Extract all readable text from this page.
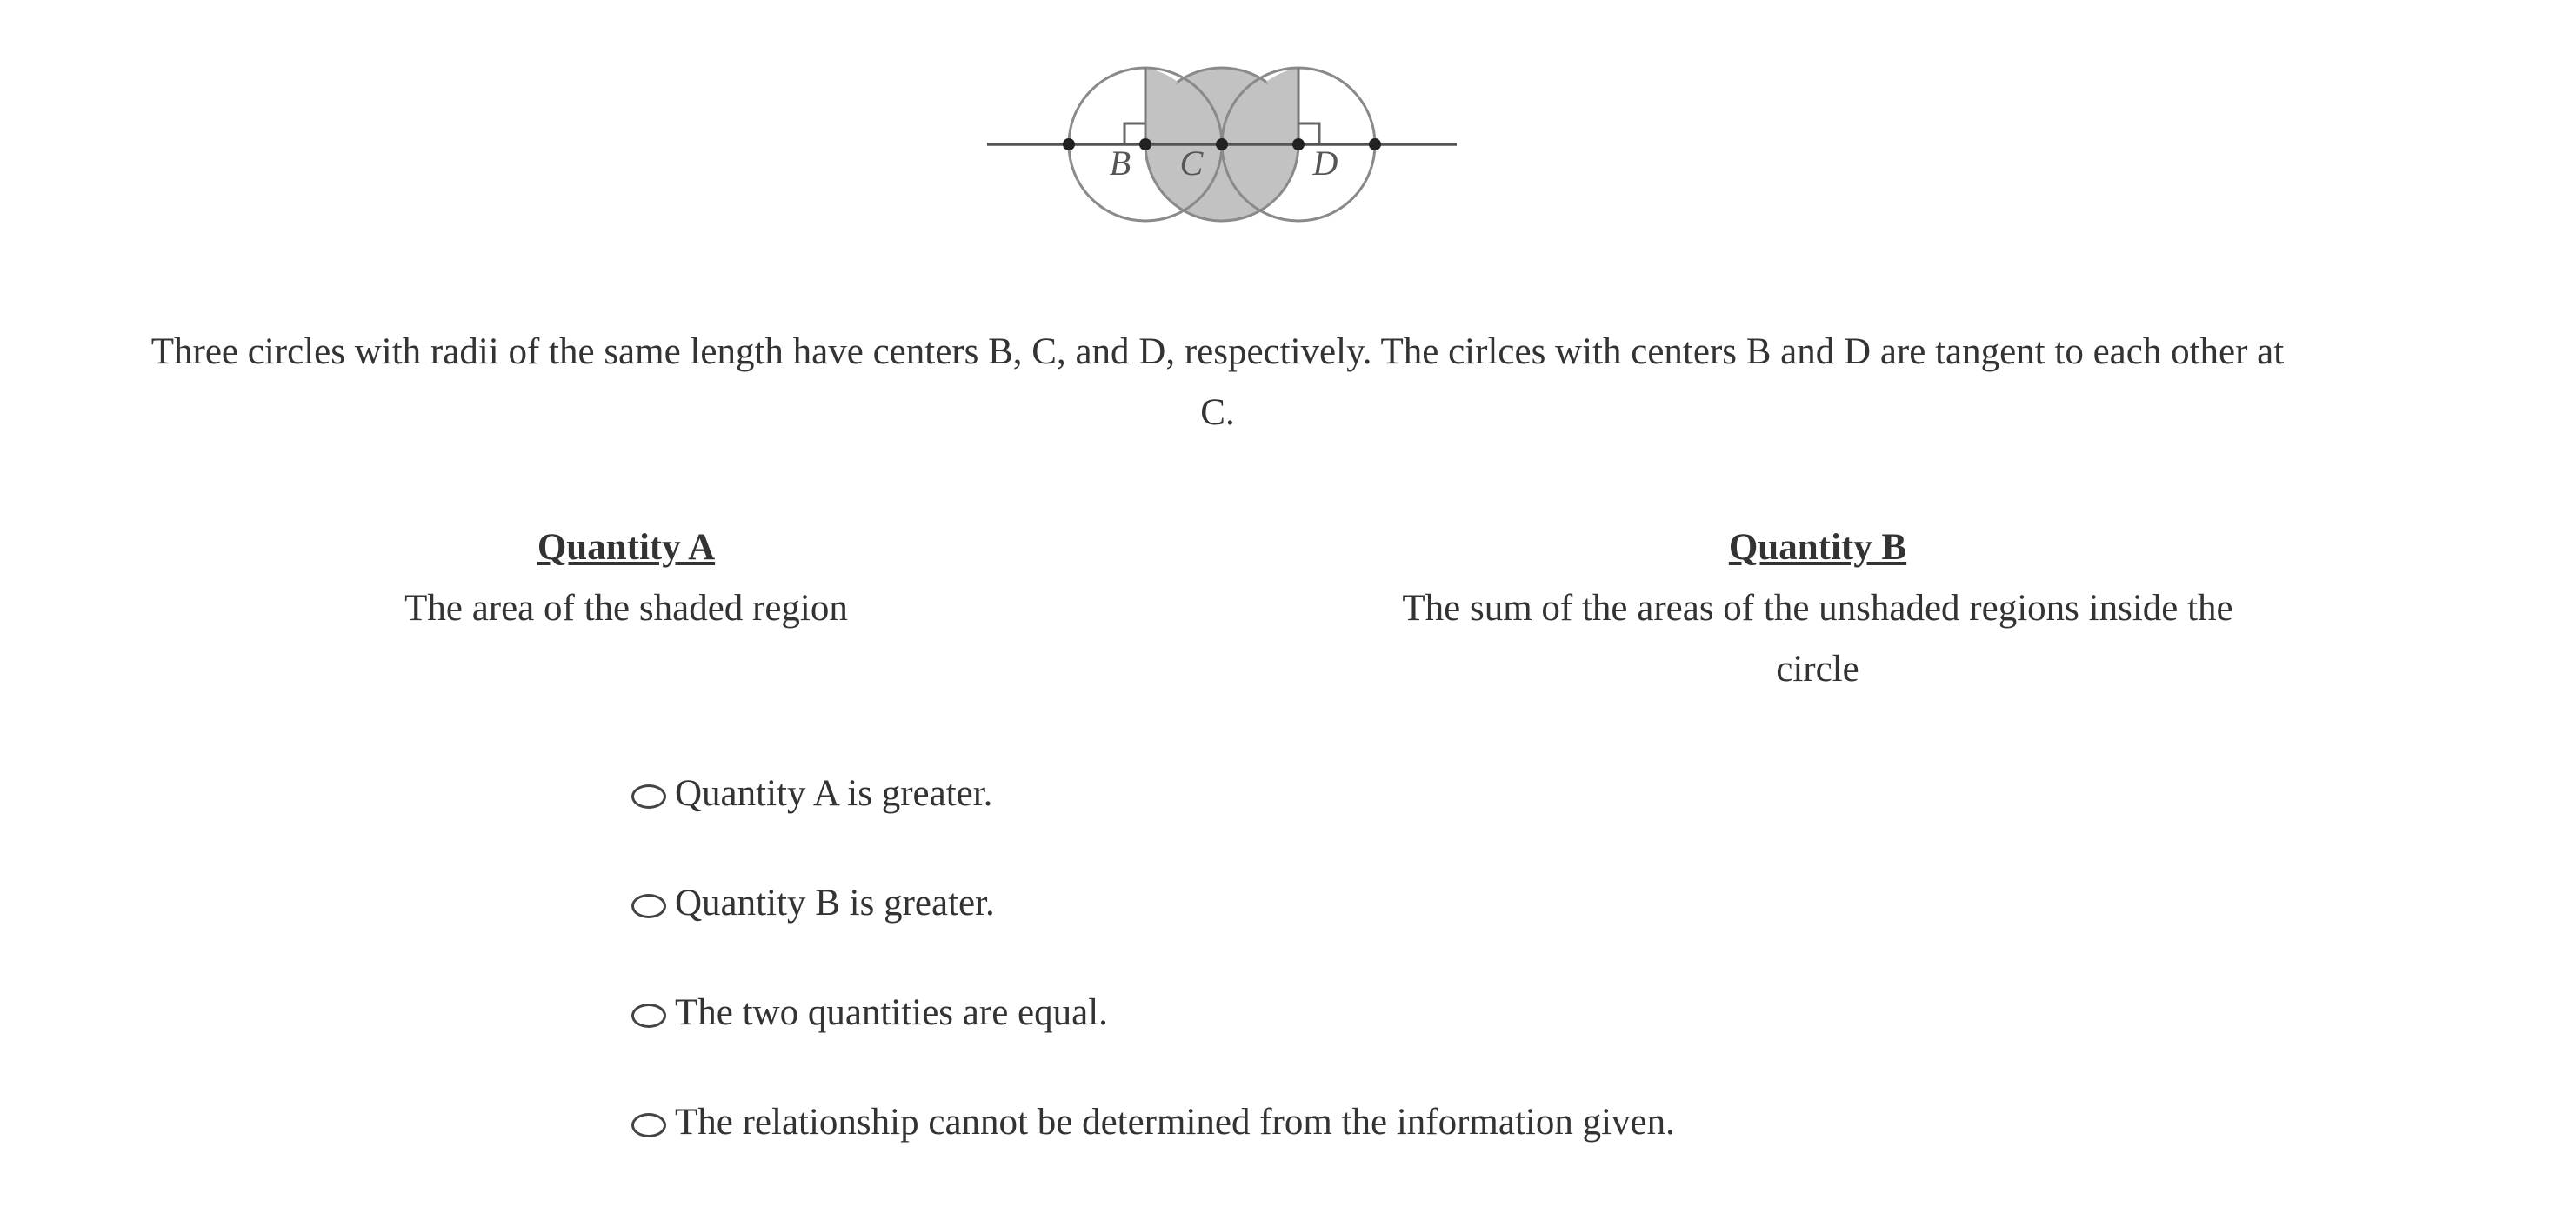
B C	D

Three circles with radii of the same length have centers B, C, and D, respectively. The cirlces with centers B and D are tangent to each other at C.

Quantity A
The area of the shaded region
Quantity B
The sum of the areas of the unshaded regions inside the circle
Quantity A is greater.
Quantity B is greater.
The two quantities are equal.
The relationship cannot be determined from the information given.
